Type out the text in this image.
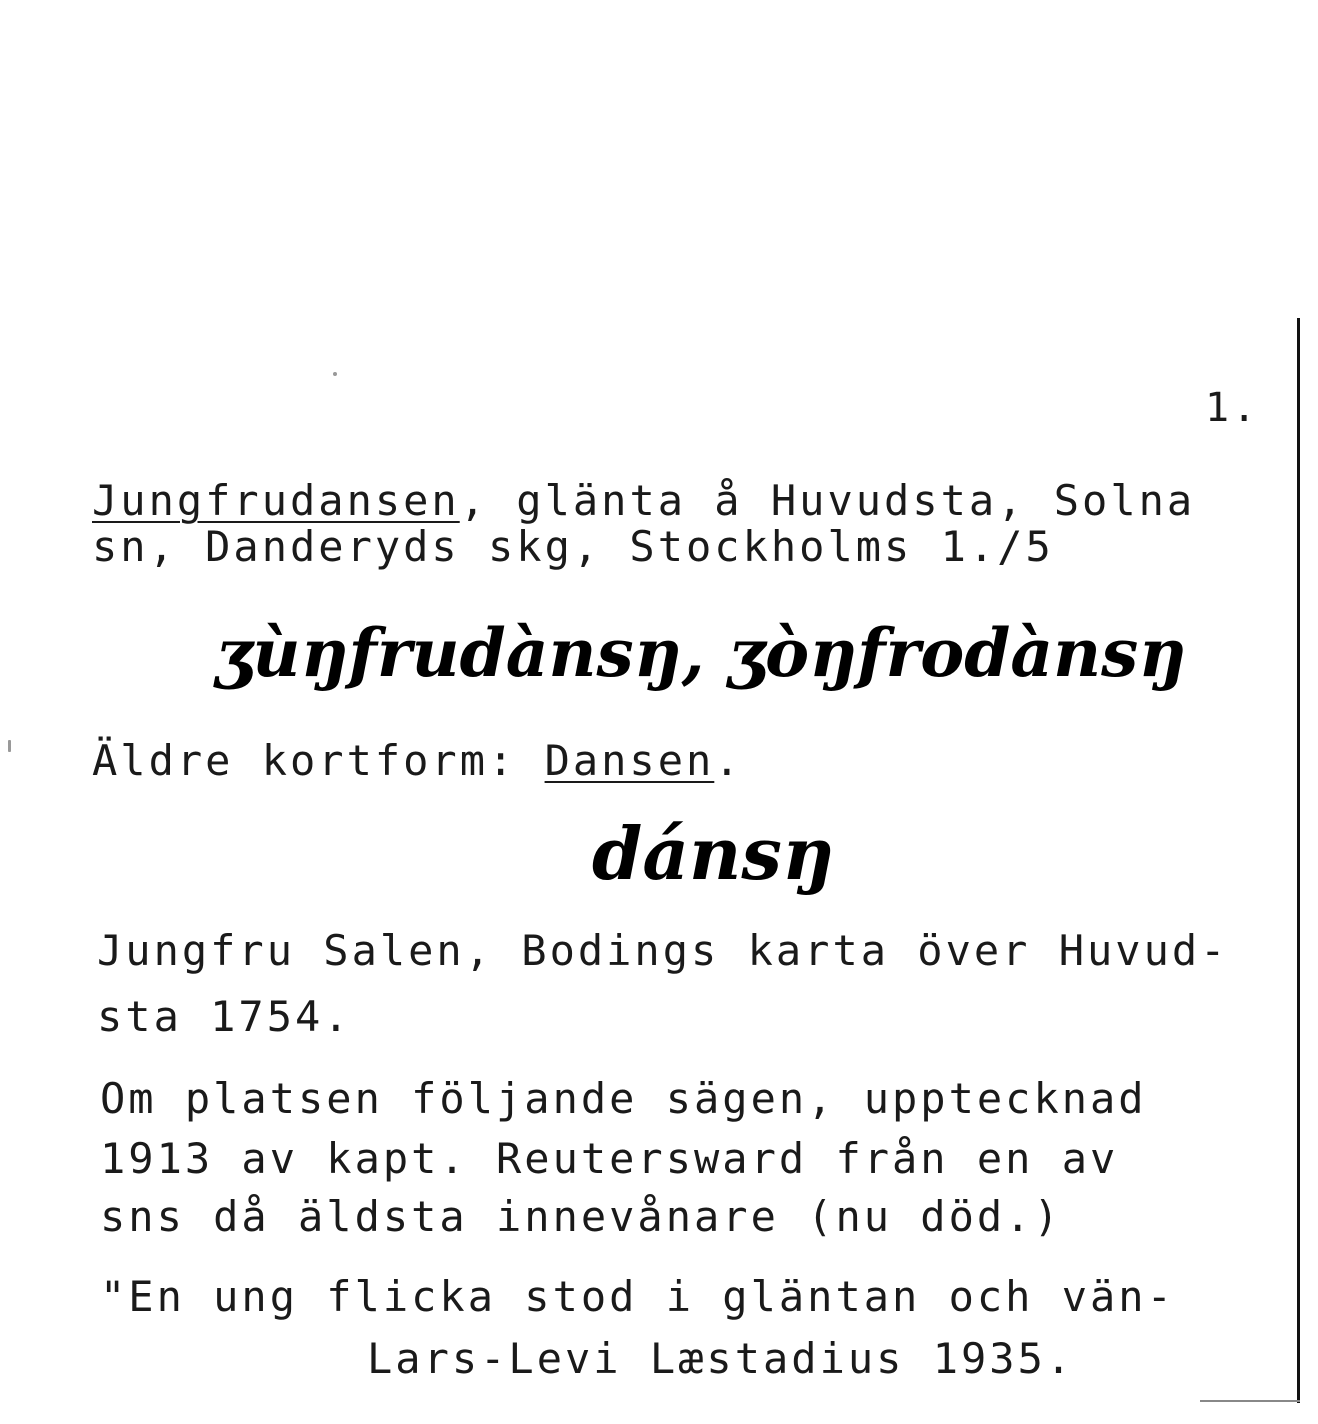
1.
Jungfrudansen, glänta å Huvudsta, Solna
sn, Danderyds skg, Stockholms 1./5
ʒùŋfrudànsŋ, ʒòŋfrodànsŋ
Äldre kortform: Dansen.
dánsŋ
Jungfru Salen, Bodings karta över Huvud-
sta 1754.
Om platsen följande sägen, uppt​ecknad
1913 av kapt. Reutersward från en av
sns då äldsta innevånare (nu död.)
"En ung flicka stod i gläntan och vän-
Lars-Levi Læstadius 1935.
